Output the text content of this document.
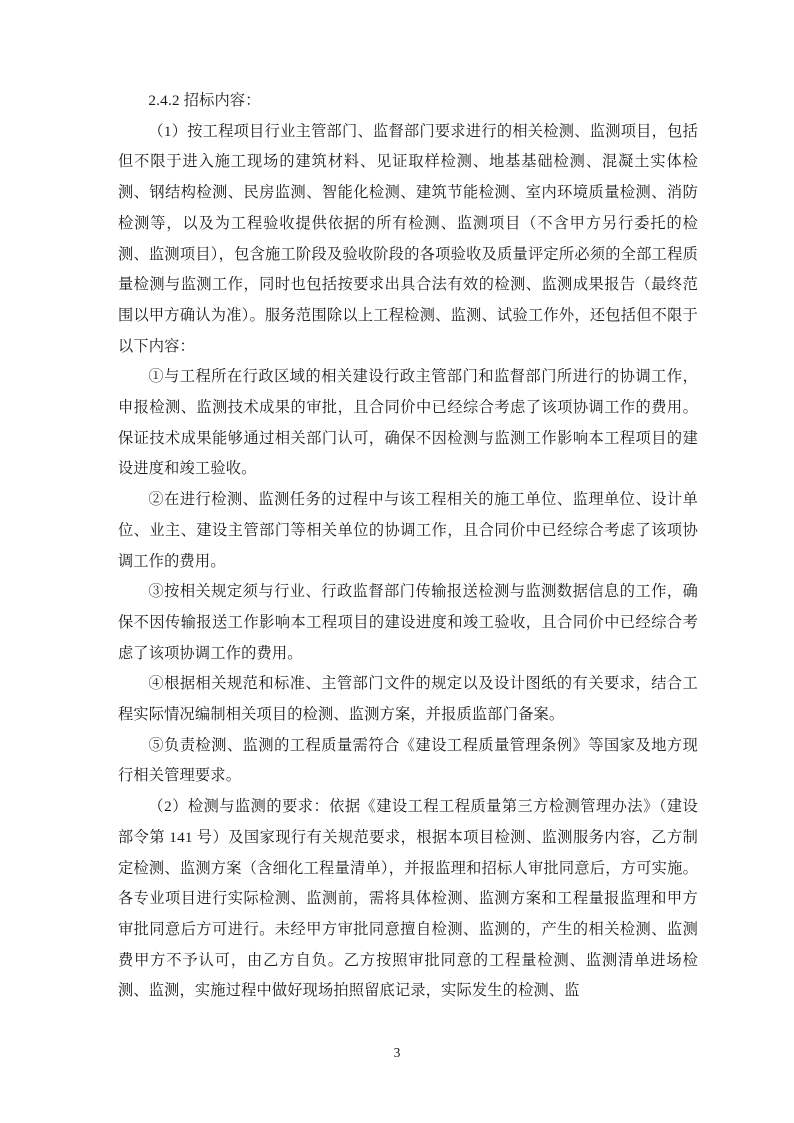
2.4.2 招标内容：

（1）按工程项目行业主管部门、监督部门要求进行的相关检测、监测项目，包括但不限于进入施工现场的建筑材料、见证取样检测、地基基础检测、混凝土实体检测、钢结构检测、民房监测、智能化检测、建筑节能检测、室内环境质量检测、消防检测等，以及为工程验收提供依据的所有检测、监测项目（不含甲方另行委托的检测、监测项目），包含施工阶段及验收阶段的各项验收及质量评定所必须的全部工程质量检测与监测工作，同时也包括按要求出具合法有效的检测、监测成果报告（最终范围以甲方确认为准）。服务范围除以上工程检测、监测、试验工作外，还包括但不限于以下内容：

①与工程所在行政区域的相关建设行政主管部门和监督部门所进行的协调工作，申报检测、监测技术成果的审批，且合同价中已经综合考虑了该项协调工作的费用。保证技术成果能够通过相关部门认可，确保不因检测与监测工作影响本工程项目的建设进度和竣工验收。

②在进行检测、监测任务的过程中与该工程相关的施工单位、监理单位、设计单位、业主、建设主管部门等相关单位的协调工作，且合同价中已经综合考虑了该项协调工作的费用。

③按相关规定须与行业、行政监督部门传输报送检测与监测数据信息的工作，确保不因传输报送工作影响本工程项目的建设进度和竣工验收，且合同价中已经综合考虑了该项协调工作的费用。

④根据相关规范和标准、主管部门文件的规定以及设计图纸的有关要求，结合工程实际情况编制相关项目的检测、监测方案，并报质监部门备案。

⑤负责检测、监测的工程质量需符合《建设工程质量管理条例》等国家及地方现行相关管理要求。

（2）检测与监测的要求：依据《建设工程工程质量第三方检测管理办法》（建设部令第 141 号）及国家现行有关规范要求，根据本项目检测、监测服务内容，乙方制定检测、监测方案（含细化工程量清单），并报监理和招标人审批同意后，方可实施。各专业项目进行实际检测、监测前，需将具体检测、监测方案和工程量报监理和甲方审批同意后方可进行。未经甲方审批同意擅自检测、监测的，产生的相关检测、监测费甲方不予认可，由乙方自负。乙方按照审批同意的工程量检测、监测清单进场检测、监测，实施过程中做好现场拍照留底记录，实际发生的检测、监

3
